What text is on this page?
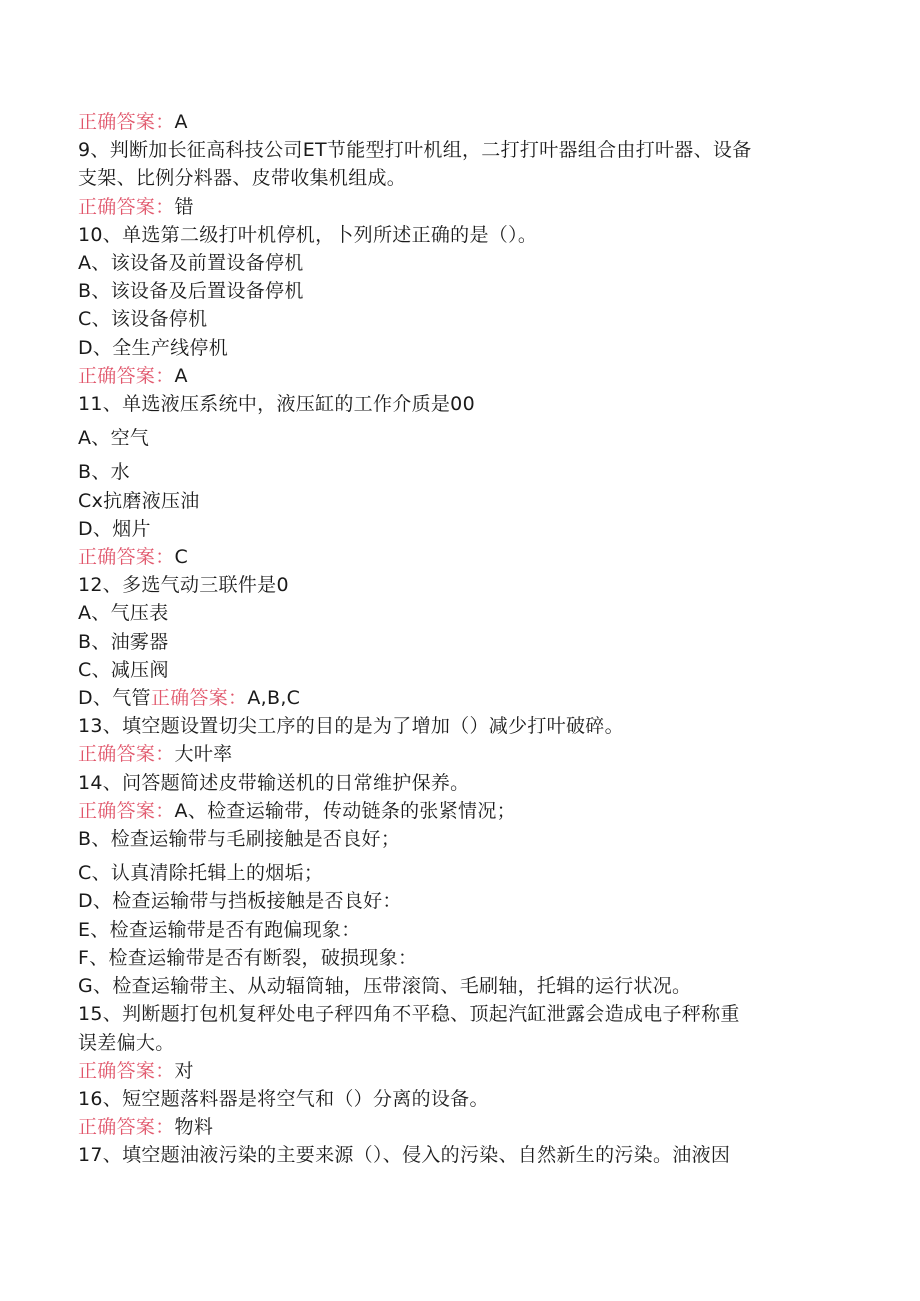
正确答案：A
9、判断加长征高科技公司ET节能型打叶机组，二打打叶器组合由打叶器、设备
支架、比例分料器、皮带收集机组成。
正确答案：错
10、单选第二级打叶机停机，卜列所述正确的是（）。
A、该设备及前置设备停机
B、该设备及后置设备停机
C、该设备停机
D、全生产线停机
正确答案：A
11、单选液压系统中，液压缸的工作介质是00
A、空气
B、水
Cx抗磨液压油
D、烟片
正确答案：C
12、多选气动三联件是0
A、气压表
B、油雾器
C、减压阀
D、气管正确答案：A,B,C
13、填空题设置切尖工序的目的是为了增加（）减少打叶破碎。
正确答案：大叶率
14、问答题简述皮带输送机的日常维护保养。
正确答案：A、检查运输带，传动链条的张紧情况；
B、检查运输带与毛刷接触是否良好；
C、认真清除托辑上的烟垢；
D、检查运输带与挡板接触是否良好：
E、检查运输带是否有跑偏现象：
F、检查运输带是否有断裂，破损现象：
G、检查运输带主、从动辐筒轴，压带滚筒、毛刷轴，托辑的运行状况。
15、判断题打包机复秤处电子秤四角不平稳、顶起汽缸泄露会造成电子秤称重
误差偏大。
正确答案：对
16、短空题落料器是将空气和（）分离的设备。
正确答案：物料
17、填空题油液污染的主要来源（）、侵入的污染、自然新生的污染。油液因
